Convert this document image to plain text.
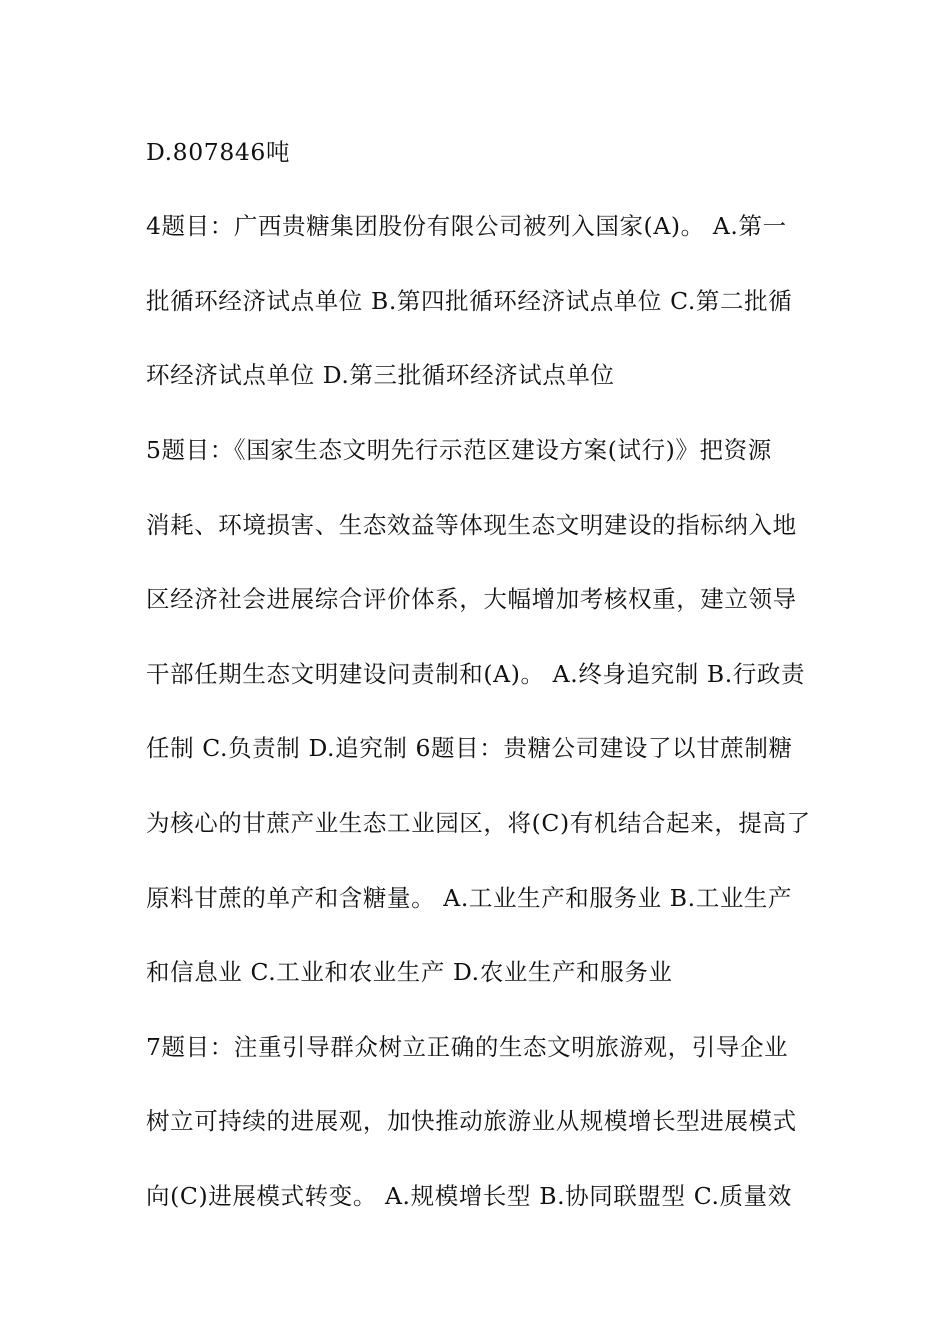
D.807846吨
4题目：广西贵糖集团股份有限公司被列入国家(A)。 A.第一
批循环经济试点单位 B.第四批循环经济试点单位 C.第二批循
环经济试点单位 D.第三批循环经济试点单位
5题目：《国家生态文明先行示范区建设方案(试行)》把资源
消耗、环境损害、生态效益等体现生态文明建设的指标纳入地
区经济社会进展综合评价体系，大幅增加考核权重，建立领导
干部任期生态文明建设问责制和(A)。 A.终身追究制 B.行政责
任制 C.负责制 D.追究制 6题目：贵糖公司建设了以甘蔗制糖
为核心的甘蔗产业生态工业园区，将(C)有机结合起来，提高了
原料甘蔗的单产和含糖量。 A.工业生产和服务业 B.工业生产
和信息业 C.工业和农业生产 D.农业生产和服务业
7题目：注重引导群众树立正确的生态文明旅游观，引导企业
树立可持续的进展观，加快推动旅游业从规模增长型进展模式
向(C)进展模式转变。 A.规模增长型 B.协同联盟型 C.质量效
